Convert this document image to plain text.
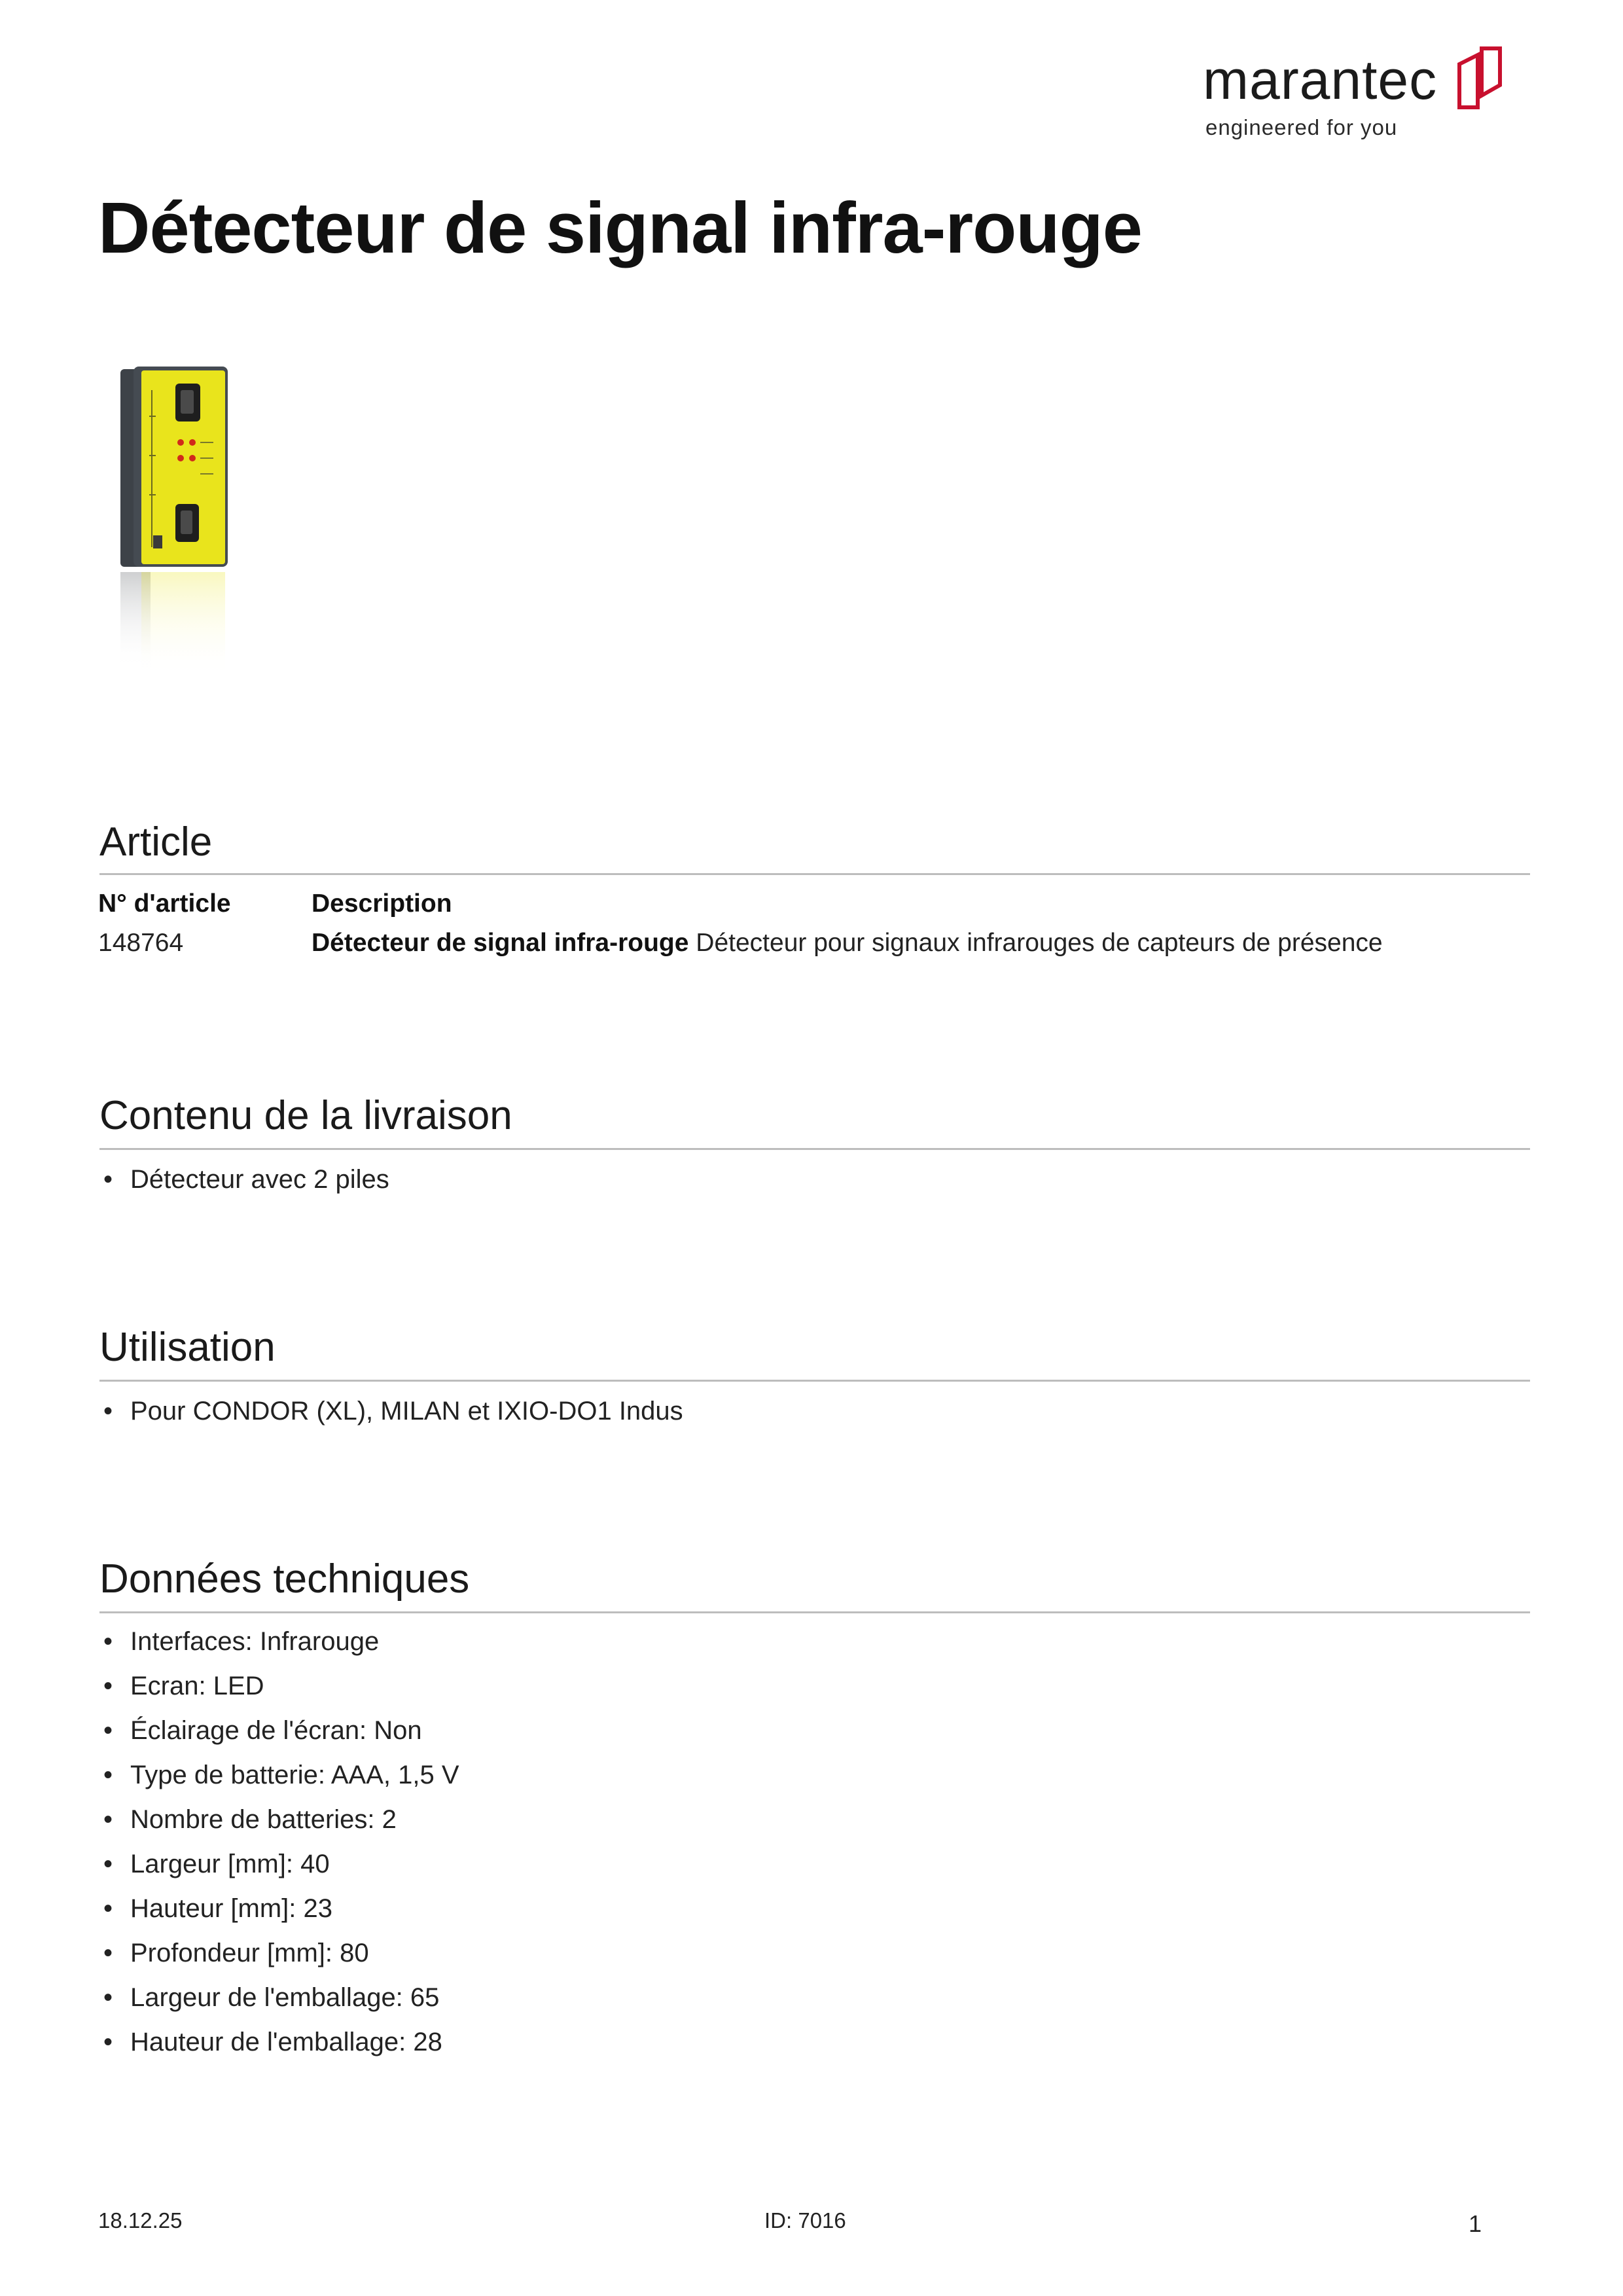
marantec
engineered for you
Détecteur de signal infra-rouge
Article
N° d'article	Description
148764	Détecteur de signal infra-rouge Détecteur pour signaux infrarouges de capteurs de présence
Contenu de la livraison
• Détecteur avec 2 piles
Utilisation
• Pour CONDOR (XL), MILAN et IXIO-DO1 Indus
Données techniques
• Interfaces: Infrarouge
• Ecran: LED
• Éclairage de l'écran: Non
• Type de batterie: AAA, 1,5 V
• Nombre de batteries: 2
• Largeur [mm]: 40
• Hauteur [mm]: 23
• Profondeur [mm]: 80
• Largeur de l'emballage: 65
• Hauteur de l'emballage: 28
18.12.25	ID: 7016	1
